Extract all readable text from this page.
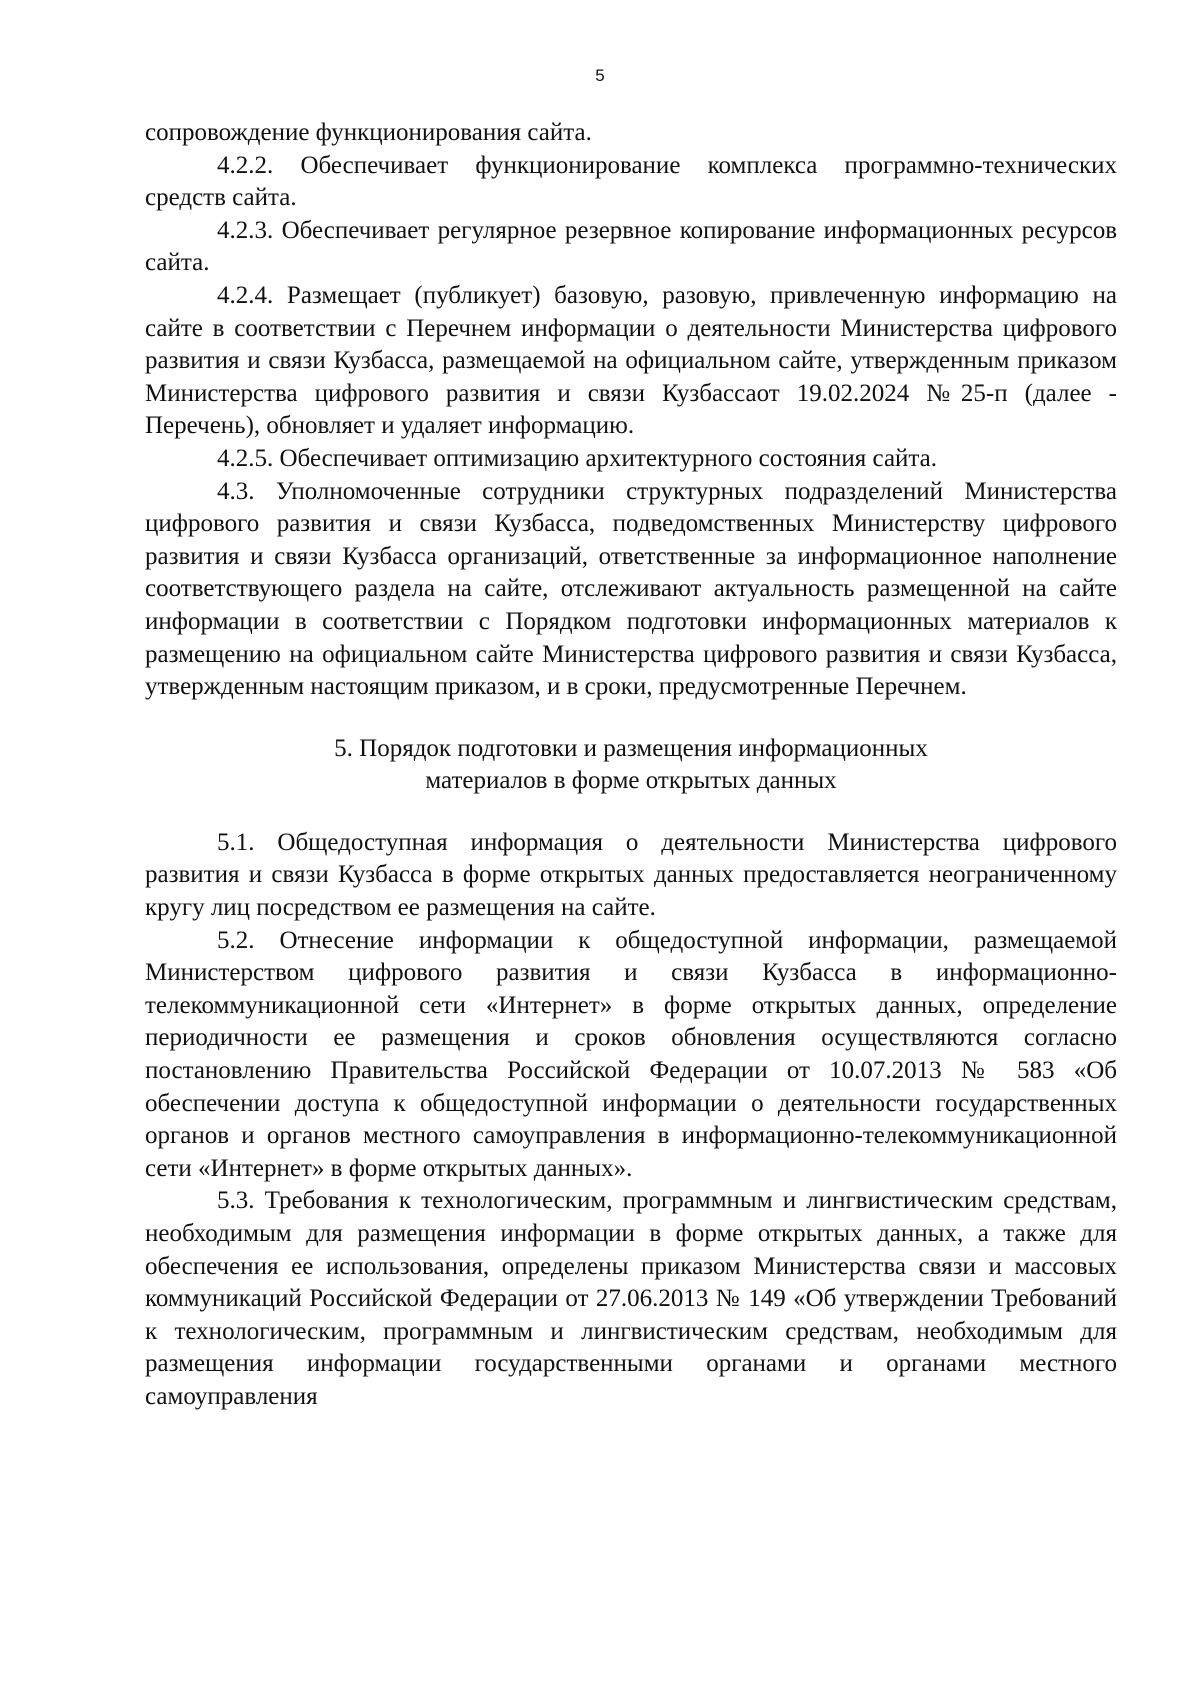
5

сопровождение функционирования сайта.

4.2.2. Обеспечивает функционирование комплекса программно-технических средств сайта.

4.2.3. Обеспечивает регулярное резервное копирование информационных ресурсов сайта.

4.2.4. Размещает (публикует) базовую, разовую, привлеченную информацию на сайте в соответствии с Перечнем информации о деятельности Министерства цифрового развития и связи Кузбасса, размещаемой на официальном сайте, утвержденным приказом Министерства цифрового развития и связи Кузбассаот 19.02.2024 №25-п (далее - Перечень), обновляет и удаляет информацию.

4.2.5. Обеспечивает оптимизацию архитектурного состояния сайта.

4.3. Уполномоченные сотрудники структурных подразделений Министерства цифрового развития и связи Кузбасса, подведомственных Министерству цифрового развития и связи Кузбасса организаций, ответственные за информационное наполнение соответствующего раздела на сайте, отслеживают актуальность размещенной на сайте информации в соответствии с Порядком подготовки информационных материалов к размещению на официальном сайте Министерства цифрового развития и связи Кузбасса, утвержденным настоящим приказом, и в сроки, предусмотренные Перечнем.

5. Порядок подготовки и размещения информационных
материалов в форме открытых данных

5.1. Общедоступная информация о деятельности Министерства цифрового развития и связи Кузбасса в форме открытых данных предоставляется неограниченному кругу лиц посредством ее размещения на сайте.

5.2. Отнесение информации к общедоступной информации, размещаемой Министерством цифрового развития и связи Кузбасса в информационно-телекоммуникационной сети «Интернет» в форме открытых данных, определение периодичности ее размещения и сроков обновления осуществляются согласно постановлению Правительства Российской Федерации от 10.07.2013 № 583 «Об обеспечении доступа к общедоступной информации о деятельности государственных органов и органов местного самоуправления в информационно-телекоммуникационной сети «Интернет» в форме открытых данных».

5.3. Требования к технологическим, программным и лингвистическим средствам, необходимым для размещения информации в форме открытых данных, а также для обеспечения ее использования, определены приказом Министерства связи и массовых коммуникаций Российской Федерации от 27.06.2013 № 149 «Об утверждении Требований к технологическим, программным и лингвистическим средствам, необходимым для размещения информации государственными органами и органами местного самоуправления
